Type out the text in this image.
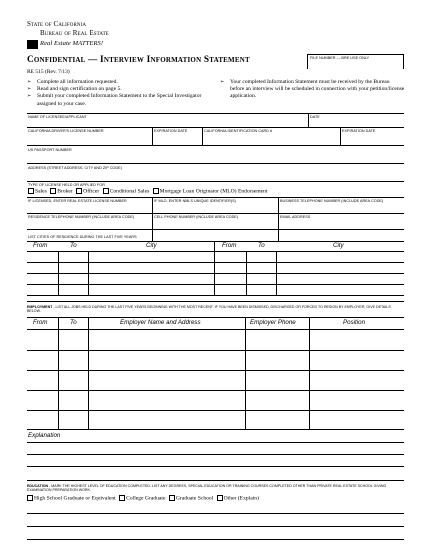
State of California
Bureau of Real Estate
Real Estate MATTERS!
Confidential — Interview Information Statement
RE 515 (Rev. 7/13)
FILE NUMBER — BRE USE ONLY
➢ Complete all information requested.
➢ Read and sign certification on page 5.
➢ Submit your completed Information Statement to the Special Investigator assigned to your case.
➢ Your completed Information Statement must be received by the Bureau before an interview will be scheduled in connection with your petition/license application.
NAME OF LICENSEE/APPLICANT	DATE
CALIFORNIA DRIVER'S LICENSE NUMBER	EXPIRATION DATE	CALIFORNIA IDENTIFICATION CARD #	EXPIRATION DATE
US PASSPORT NUMBER
ADDRESS (STREET ADDRESS, CITY AND ZIP CODE)
TYPE OF LICENSE HELD OR APPLIED FOR
Sales Broker Officer Conditional Sales Mortgage Loan Originator (MLO) Endorsement
IF LICENSED, ENTER REAL ESTATE LICENSE NUMBER	IF MLO, ENTER NMLS UNIQUE IDENTIFIER(S)	BUSINESS TELEPHONE NUMBER (INCLUDE AREA CODE)
RESIDENCE TELEPHONE NUMBER (INCLUDE AREA CODE)	CELL PHONE NUMBER (INCLUDE AREA CODE)	EMAIL ADDRESS
LIST CITIES OF RESIDENCE DURING THE LAST FIVE YEARS
From	To	City	From	To	City
EMPLOYMENT - LIST ALL JOBS HELD DURING THE LAST FIVE YEARS BEGINNING WITH THE MOST RECENT. IF YOU HAVE BEEN DISMISSED, DISCHARGED OR FORCED TO RESIGN BY EMPLOYER, GIVE DETAILS BELOW.
From	To	Employer Name and Address	Employer Phone	Position
Explanation
EDUCATION - MARK THE HIGHEST LEVEL OF EDUCATION COMPLETED. LIST ANY DEGREES, SPECIAL EDUCATION OR TRAINING COURSES COMPLETED OTHER THAN PRIVATE REAL ESTATE SCHOOL GIVING EXAMINATION PREPARATION WORK.
High School Graduate or Equivalent College Graduate Graduate School Other (Explain)
